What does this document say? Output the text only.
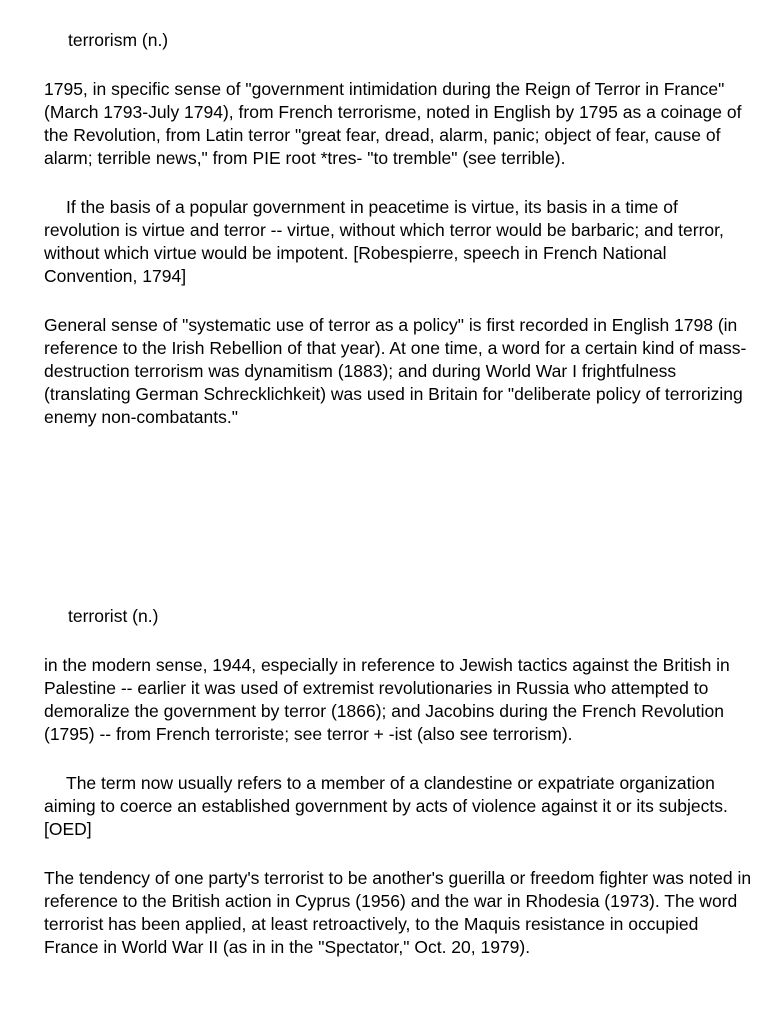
terrorism (n.)

1795, in specific sense of "government intimidation during the Reign of Terror in France" (March 1793-July 1794), from French terrorisme, noted in English by 1795 as a coinage of the Revolution, from Latin terror "great fear, dread, alarm, panic; object of fear, cause of alarm; terrible news," from PIE root *tres- "to tremble" (see terrible).

If the basis of a popular government in peacetime is virtue, its basis in a time of revolution is virtue and terror -- virtue, without which terror would be barbaric; and terror, without which virtue would be impotent. [Robespierre, speech in French National Convention, 1794]

General sense of "systematic use of terror as a policy" is first recorded in English 1798 (in reference to the Irish Rebellion of that year). At one time, a word for a certain kind of mass-destruction terrorism was dynamitism (1883); and during World War I frightfulness (translating German Schrecklichkeit) was used in Britain for "deliberate policy of terrorizing enemy non-combatants."

terrorist (n.)

in the modern sense, 1944, especially in reference to Jewish tactics against the British in Palestine -- earlier it was used of extremist revolutionaries in Russia who attempted to demoralize the government by terror (1866); and Jacobins during the French Revolution (1795) -- from French terroriste; see terror + -ist (also see terrorism).

The term now usually refers to a member of a clandestine or expatriate organization aiming to coerce an established government by acts of violence against it or its subjects. [OED]

The tendency of one party's terrorist to be another's guerilla or freedom fighter was noted in reference to the British action in Cyprus (1956) and the war in Rhodesia (1973). The word terrorist has been applied, at least retroactively, to the Maquis resistance in occupied France in World War II (as in in the "Spectator," Oct. 20, 1979).
